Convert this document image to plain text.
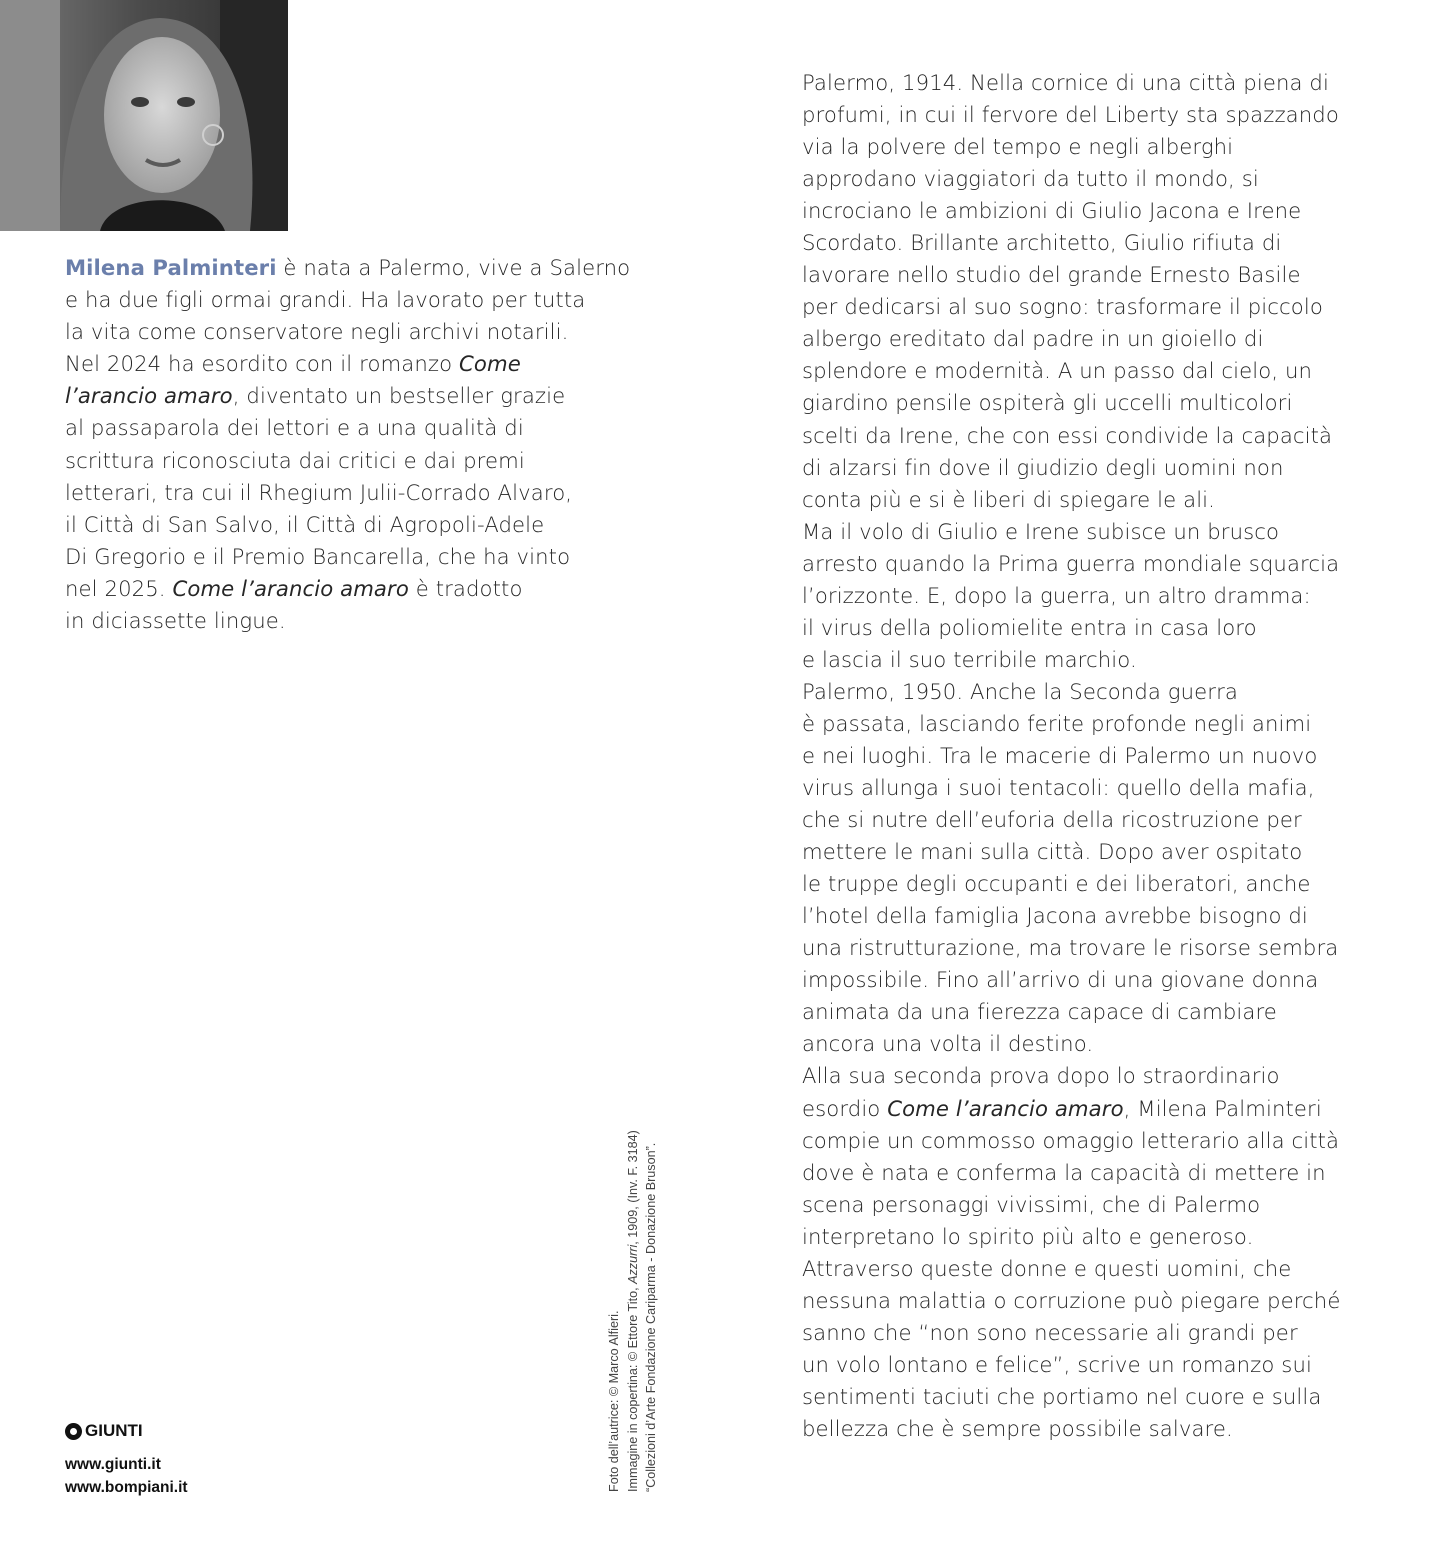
Milena Palminteri è nata a Palermo, vive a Salerno
e ha due figli ormai grandi. Ha lavorato per tutta
la vita come conservatore negli archivi notarili.
Nel 2024 ha esordito con il romanzo Come
l’arancio amaro, diventato un bestseller grazie
al passaparola dei lettori e a una qualità di
scrittura riconosciuta dai critici e dai premi
letterari, tra cui il Rhegium Julii-Corrado Alvaro,
il Città di San Salvo, il Città di Agropoli-Adele
Di Gregorio e il Premio Bancarella, che ha vinto
nel 2025. Come l’arancio amaro è tradotto
in diciassette lingue.

Palermo, 1914. Nella cornice di una città piena di
profumi, in cui il fervore del Liberty sta spazzando
via la polvere del tempo e negli alberghi
approdano viaggiatori da tutto il mondo, si
incrociano le ambizioni di Giulio Jacona e Irene
Scordato. Brillante architetto, Giulio rifiuta di
lavorare nello studio del grande Ernesto Basile
per dedicarsi al suo sogno: trasformare il piccolo
albergo ereditato dal padre in un gioiello di
splendore e modernità. A un passo dal cielo, un
giardino pensile ospiterà gli uccelli multicolori
scelti da Irene, che con essi condivide la capacità
di alzarsi fin dove il giudizio degli uomini non
conta più e si è liberi di spiegare le ali.

Ma il volo di Giulio e Irene subisce un brusco
arresto quando la Prima guerra mondiale squarcia
l’orizzonte. E, dopo la guerra, un altro dramma:
il virus della poliomielite entra in casa loro
e lascia il suo terribile marchio.

Palermo, 1950. Anche la Seconda guerra
è passata, lasciando ferite profonde negli animi
e nei luoghi. Tra le macerie di Palermo un nuovo
virus allunga i suoi tentacoli: quello della mafia,
che si nutre dell’euforia della ricostruzione per
mettere le mani sulla città. Dopo aver ospitato
le truppe degli occupanti e dei liberatori, anche
l’hotel della famiglia Jacona avrebbe bisogno di
una ristrutturazione, ma trovare le risorse sembra
impossibile. Fino all’arrivo di una giovane donna
animata da una fierezza capace di cambiare
ancora una volta il destino.

Alla sua seconda prova dopo lo straordinario
esordio Come l’arancio amaro, Milena Palminteri
compie un commosso omaggio letterario alla città
dove è nata e conferma la capacità di mettere in
scena personaggi vivissimi, che di Palermo
interpretano lo spirito più alto e generoso.
Attraverso queste donne e questi uomini, che
nessuna malattia o corruzione può piegare perché
sanno che “non sono necessarie ali grandi per
un volo lontano e felice”, scrive un romanzo sui
sentimenti taciuti che portiamo nel cuore e sulla
bellezza che è sempre possibile salvare.

GIUNTI
www.giunti.it
www.bompiani.it	Foto dell’autrice: © Marco Alfieri. Immagine in copertina: © Ettore Tito, Azzurri, 1909, (Inv. F. 3184) “Collezioni d’Arte Fondazione Cariparma - Donazione Bruson”.
